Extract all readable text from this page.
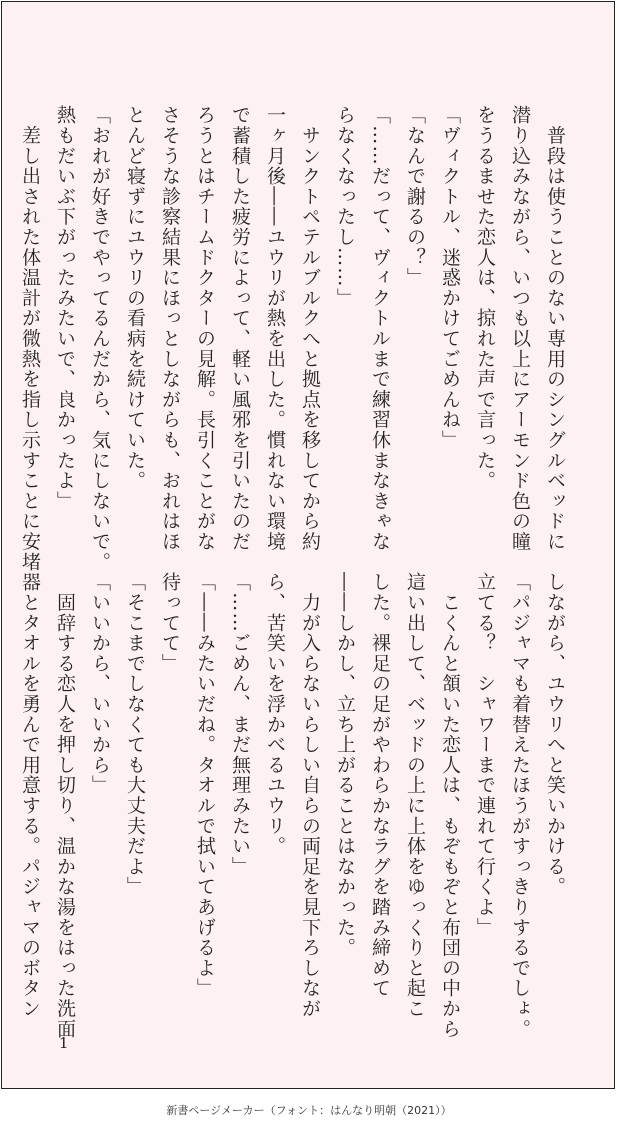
　普段は使うことのない専用のシングルベッドに
潜り込みながら、いつも以上にアーモンド色の瞳
をうるませた恋人は、掠れた声で言った。
「ヴィクトル、迷惑かけてごめんね」
「なんで謝るの？」
「……だって、ヴィクトルまで練習休まなきゃな
らなくなったし……」
　サンクトペテルブルクへと拠点を移してから約
一ヶ月後――ユウリが熱を出した。慣れない環境
で蓄積した疲労によって、軽い風邪を引いたのだ
ろうとはチームドクターの見解。長引くことがな
さそうな診察結果にほっとしながらも、おれはほ
とんど寝ずにユウリの看病を続けていた。
「おれが好きでやってるんだから、気にしないで。
熱もだいぶ下がったみたいで、良かったよ」
　差し出された体温計が微熱を指し示すことに安堵
しながら、ユウリへと笑いかける。
「パジャマも着替えたほうがすっきりするでしょ。
立てる？　シャワーまで連れて行くよ」
　こくんと頷いた恋人は、もぞもぞと布団の中から
這い出して、ベッドの上に上体をゆっくりと起こ
した。裸足の足がやわらかなラグを踏み締めて
――しかし、立ち上がることはなかった。
　力が入らないらしい自らの両足を見下ろしなが
ら、苦笑いを浮かべるユウリ。
「……ごめん、まだ無理みたい」
「――みたいだね。タオルで拭いてあげるよ」
待ってて」
「そこまでしなくても大丈夫だよ」
「いいから、いいから」
　固辞する恋人を押し切り、温かな湯をはった洗面
器とタオルを勇んで用意する。パジャマのボタン
1
新書ページメーカー（フォント：はんなり明朝（2021））
